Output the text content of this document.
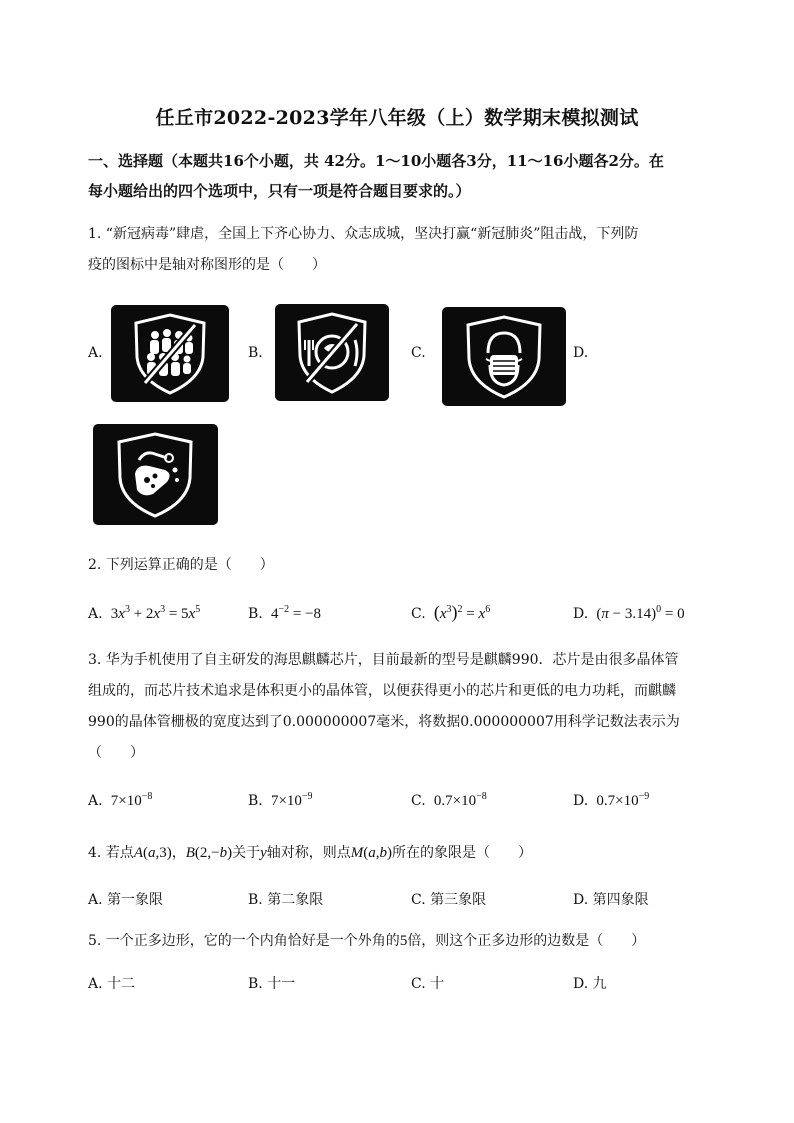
任丘市2022-2023学年八年级（上）数学期末模拟测试
一、选择题（本题共16个小题，共 42分。1～10小题各3分，11～16小题各2分。在
每小题给出的四个选项中，只有一项是符合题目要求的。）
1. “新冠病毒”肆虐，全国上下齐心协力、众志成城，坚决打赢“新冠肺炎”阻击战，下列防
疫的图标中是轴对称图形的是（　　）
A.	B.	C.	D.
2. 下列运算正确的是（　　）
A.  $3x^3 + 2x^3 = 5x^5$	B.  $4^{-2} = -8$	C. $(x^3)^2 = x^6$	D.  $(\pi - 3.14)^0 = 0$
3. 华为手机使用了自主研发的海思麒麟芯片，目前最新的型号是麒麟990．芯片是由很多晶体管
组成的，而芯片技术追求是体积更小的晶体管，以便获得更小的芯片和更低的电力功耗，而麒麟
990的晶体管栅极的宽度达到了0.000000007毫米，将数据0.000000007用科学记数法表示为
（　　）
A.  $7\times 10^{-8}$	B.  $7\times 10^{-9}$	C.  $0.7\times 10^{-8}$	D.  $0.7\times 10^{-9}$
4. 若点A(a,3)，B(2,−b)关于y轴对称，则点M(a,b)所在的象限是（　　）
A. 第一象限	B. 第二象限	C. 第三象限	D. 第四象限
5. 一个正多边形，它的一个内角恰好是一个外角的5倍，则这个正多边形的边数是（　　）
A. 十二	B. 十一	C. 十	D. 九
